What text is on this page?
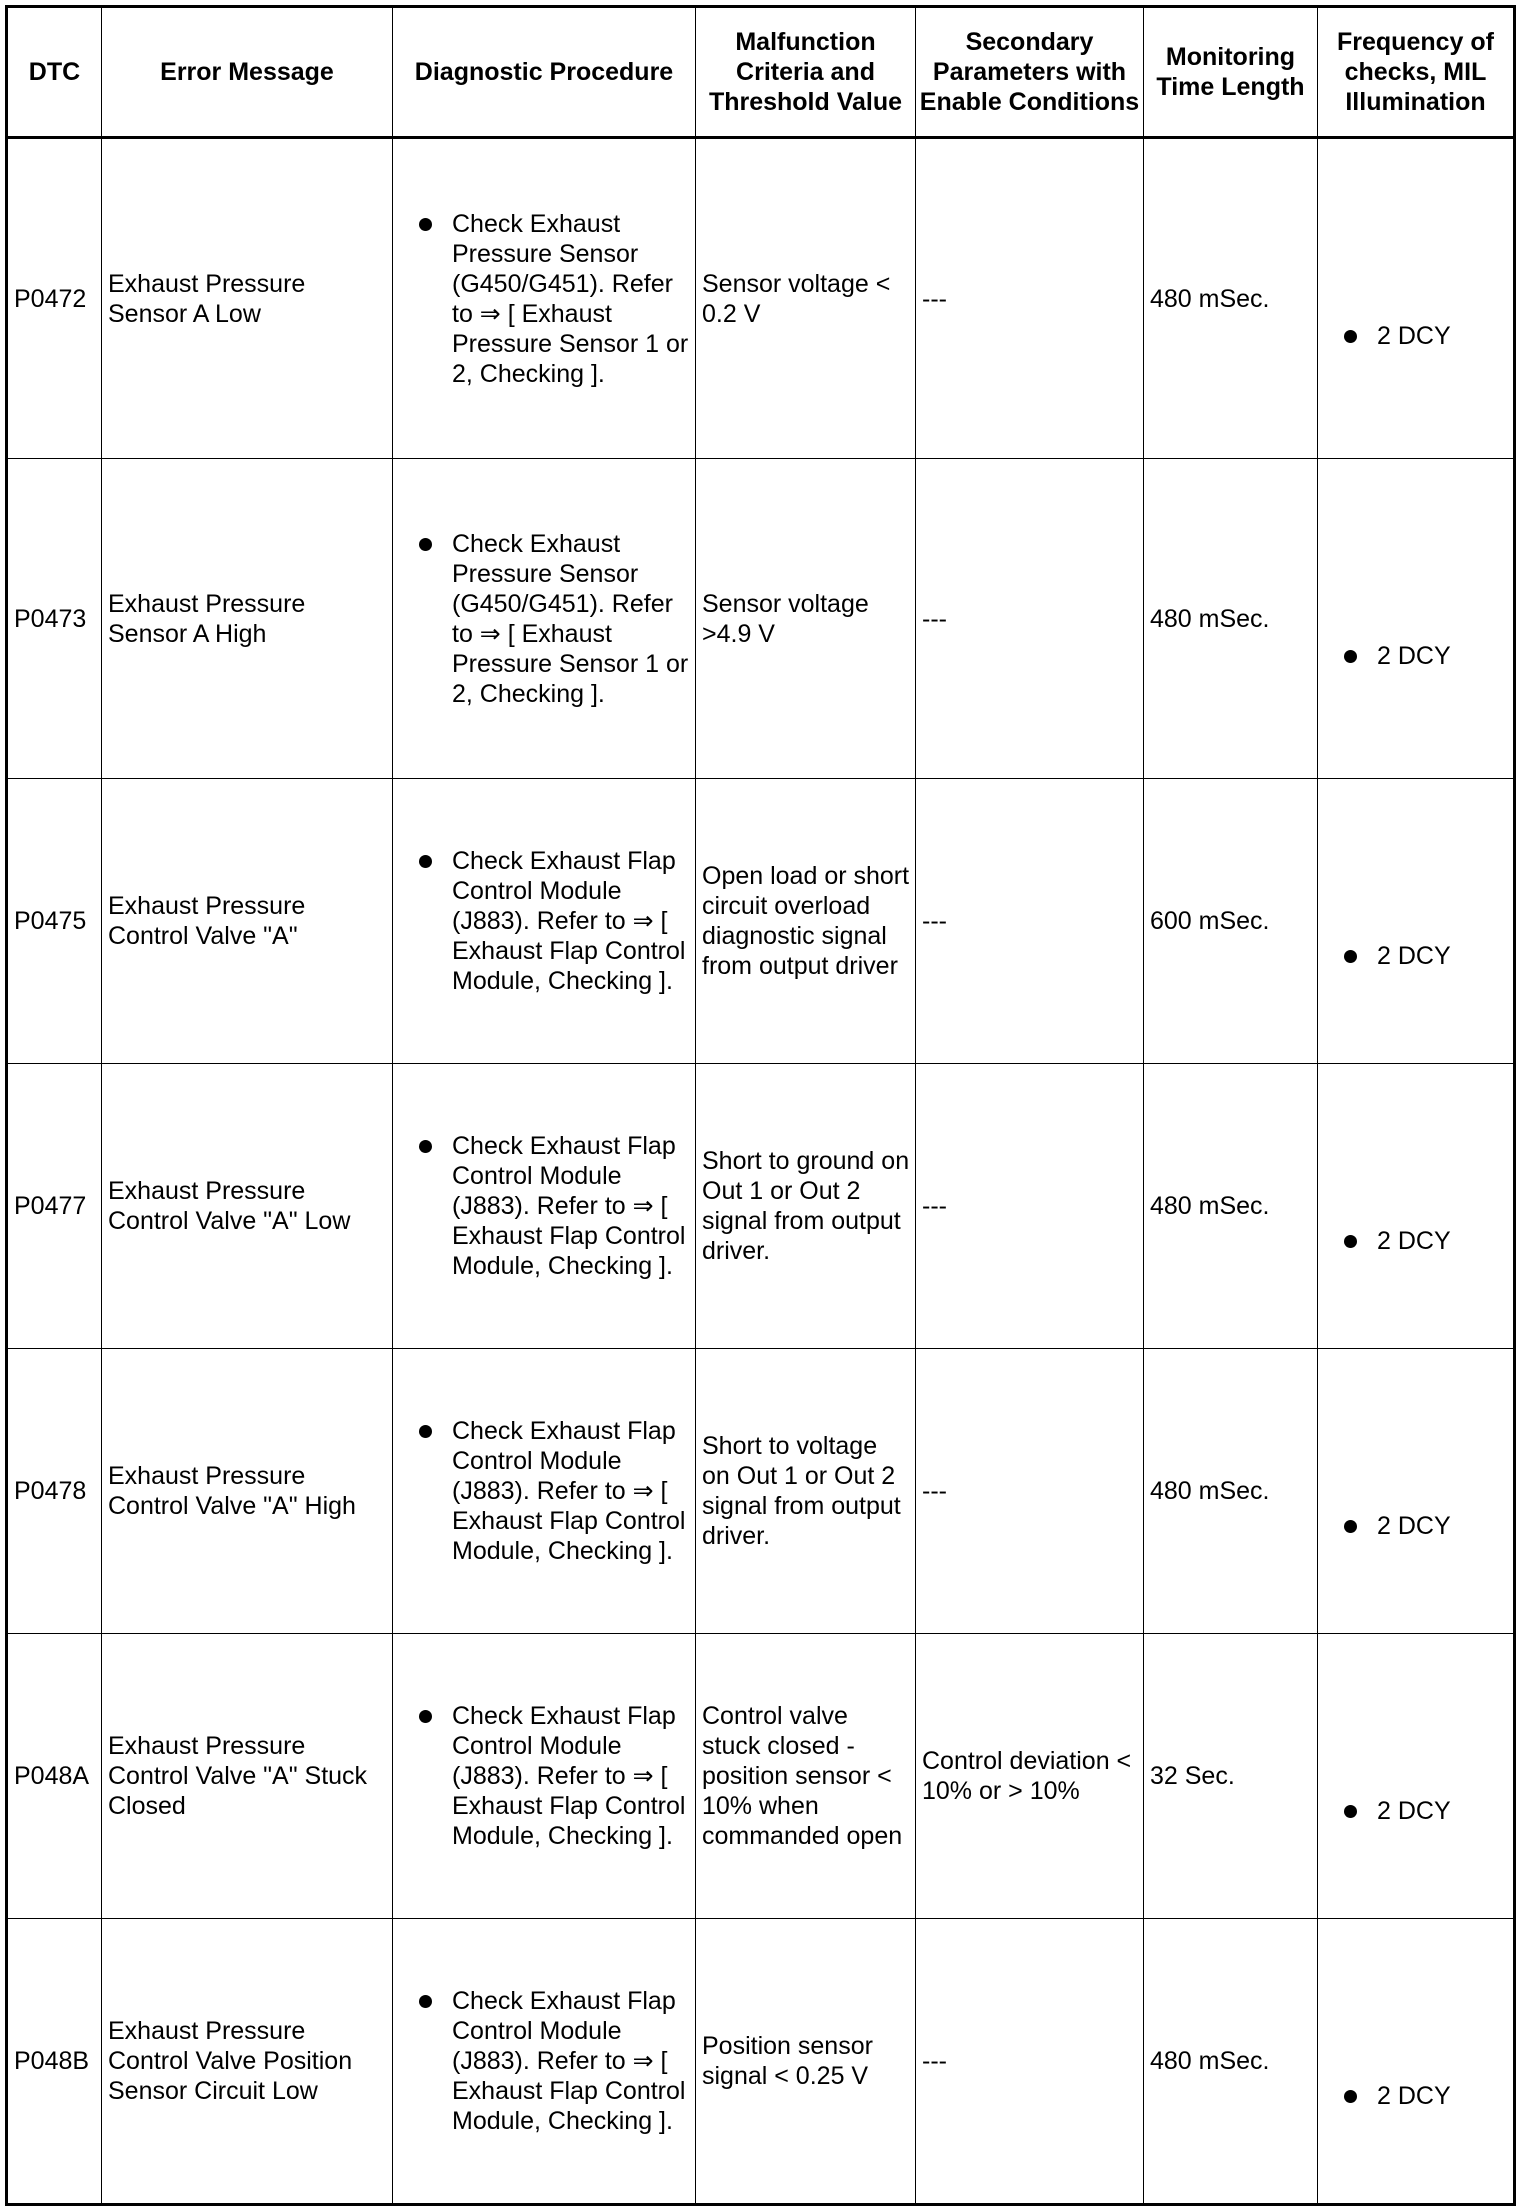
DTC	Error Message	Diagnostic Procedure	Malfunction Criteria and Threshold Value	Secondary Parameters with Enable Conditions	Monitoring Time Length	Frequency of checks, MIL Illumination
P0472	Exhaust Pressure Sensor A Low	Check Exhaust Pressure Sensor (G450/G451). Refer to ⇒ [ Exhaust Pressure Sensor 1 or 2, Checking ].	Sensor voltage < 0.2 V	---	480 mSec.	2 DCY

P0473	Exhaust Pressure Sensor A High	Check Exhaust Pressure Sensor (G450/G451). Refer to ⇒ [ Exhaust Pressure Sensor 1 or 2, Checking ].	Sensor voltage >4.9 V	---	480 mSec.	2 DCY

P0475	Exhaust Pressure Control Valve "A"	Check Exhaust Flap Control Module (J883). Refer to ⇒ [ Exhaust Flap Control Module, Checking ].	Open load or short circuit overload diagnostic signal from output driver	---	600 mSec.	2 DCY

P0477	Exhaust Pressure Control Valve "A" Low	Check Exhaust Flap Control Module (J883). Refer to ⇒ [ Exhaust Flap Control Module, Checking ].	Short to ground on Out 1 or Out 2 signal from output driver.	---	480 mSec.	2 DCY

P0478	Exhaust Pressure Control Valve "A" High	Check Exhaust Flap Control Module (J883). Refer to ⇒ [ Exhaust Flap Control Module, Checking ].	Short to voltage on Out 1 or Out 2 signal from output driver.	---	480 mSec.	2 DCY

P048A	Exhaust Pressure Control Valve "A" Stuck Closed	Check Exhaust Flap Control Module (J883). Refer to ⇒ [ Exhaust Flap Control Module, Checking ].	Control valve stuck closed - position sensor < 10% when commanded open	Control deviation < 10% or > 10%	32 Sec.	2 DCY

P048B	Exhaust Pressure Control Valve Position Sensor Circuit Low	Check Exhaust Flap Control Module (J883). Refer to ⇒ [ Exhaust Flap Control Module, Checking ].	Position sensor signal < 0.25 V	---	480 mSec.	2 DCY
